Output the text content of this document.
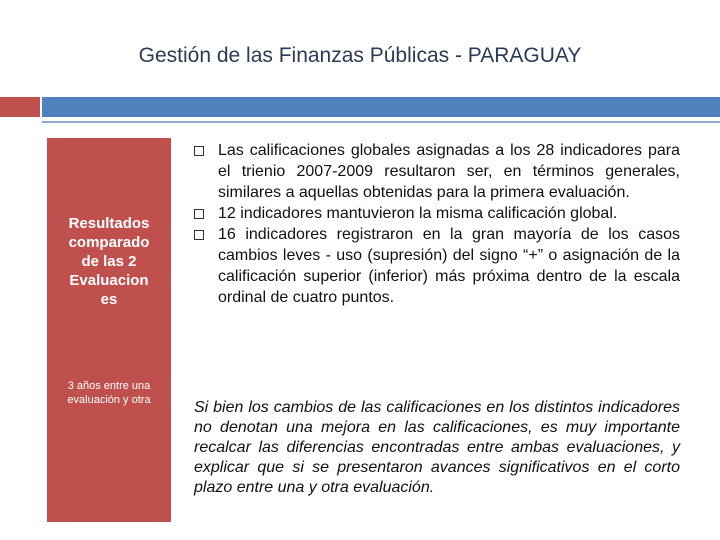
Gestión de las Finanzas Públicas - PARAGUAY
Resultados
comparado
de las 2
Evaluacion
es
3 años entre una
evaluación y otra
Las calificaciones globales asignadas a los 28 indicadores para el trienio 2007-2009 resultaron ser, en términos generales, similares a aquellas obtenidas para la primera evaluación.
12 indicadores mantuvieron la misma calificación global.
16 indicadores registraron en la gran mayoría de los casos cambios leves - uso (supresión) del signo “+” o asignación de la calificación superior (inferior) más próxima dentro de la escala ordinal de cuatro puntos.
Si bien los cambios de las calificaciones en los distintos indicadores no denotan una mejora en las calificaciones, es muy importante recalcar las diferencias encontradas entre ambas evaluaciones, y explicar que si se presentaron avances significativos en el corto plazo entre una y otra evaluación.
